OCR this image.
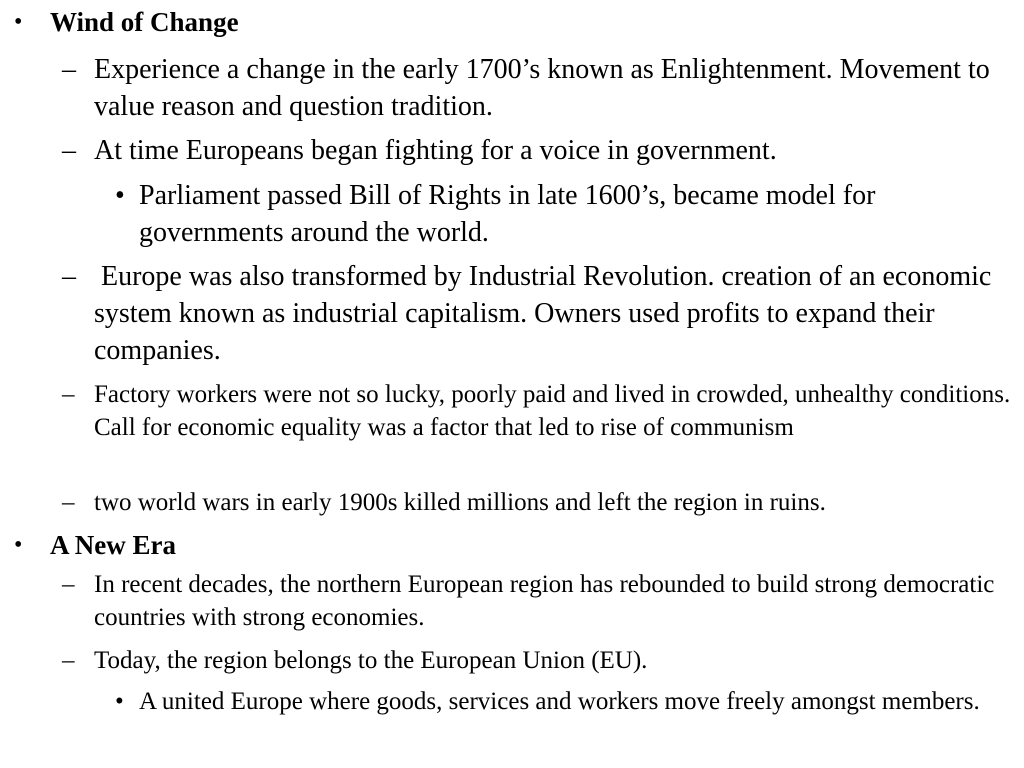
• Wind of Change
– Experience a change in the early 1700’s known as Enlightenment. Movement to value reason and question tradition.
– At time Europeans began fighting for a voice in government.
• Parliament passed Bill of Rights in late 1600’s, became model for governments around the world.
– Europe was also transformed by Industrial Revolution. creation of an economic system known as industrial capitalism. Owners used profits to expand their companies.
– Factory workers were not so lucky, poorly paid and lived in crowded, unhealthy conditions. Call for economic equality was a factor that led to rise of communism
– two world wars in early 1900s killed millions and left the region in ruins.
• A New Era
– In recent decades, the northern European region has rebounded to build strong democratic countries with strong economies.
– Today, the region belongs to the European Union (EU).
• A united Europe where goods, services and workers move freely amongst members.
